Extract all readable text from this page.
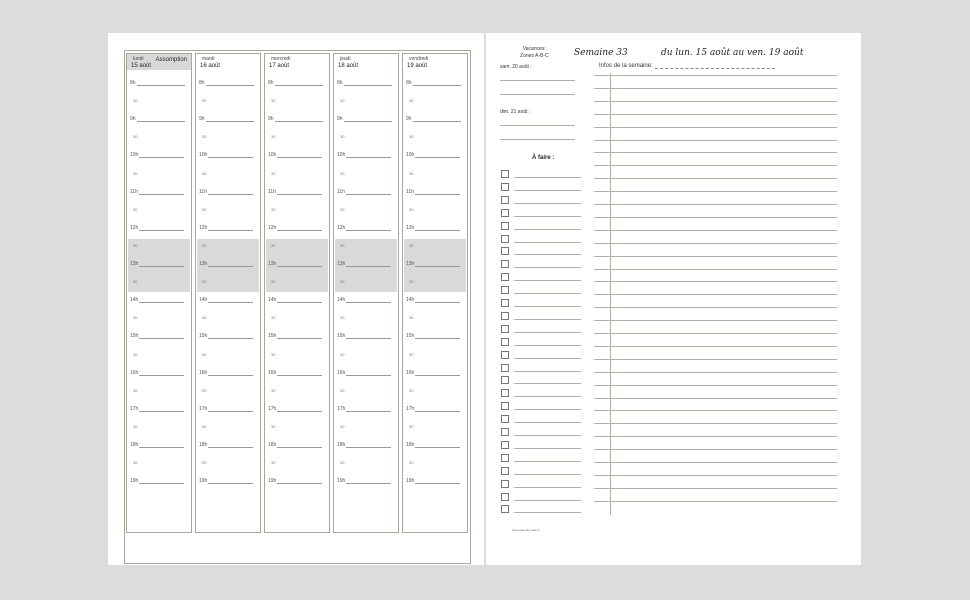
lundi
15 août
Assomption
8h
30
9h
30
10h
30
11h
30
12h
30
13h
30
14h
30
15h
30
16h
30
17h
30
18h
30
19h
mardi
16 août
8h
30
9h
30
10h
30
11h
30
12h
30
13h
30
14h
30
15h
30
16h
30
17h
30
18h
30
19h
mercredi
17 août
8h
30
9h
30
10h
30
11h
30
12h
30
13h
30
14h
30
15h
30
16h
30
17h
30
18h
30
19h
jeudi
18 août
8h
30
9h
30
10h
30
11h
30
12h
30
13h
30
14h
30
15h
30
16h
30
17h
30
18h
30
19h
vendredi
19 août
8h
30
9h
30
10h
30
11h
30
12h
30
13h
30
14h
30
15h
30
16h
30
17h
30
18h
30
19h
Vacances:
Zones A-B-C	Semaine 33	du lun. 15 août au ven. 19 août
sam. 20 août :
dim. 21 août :
À faire :
Infos de la semaine:
www.agenda-malin.fr
